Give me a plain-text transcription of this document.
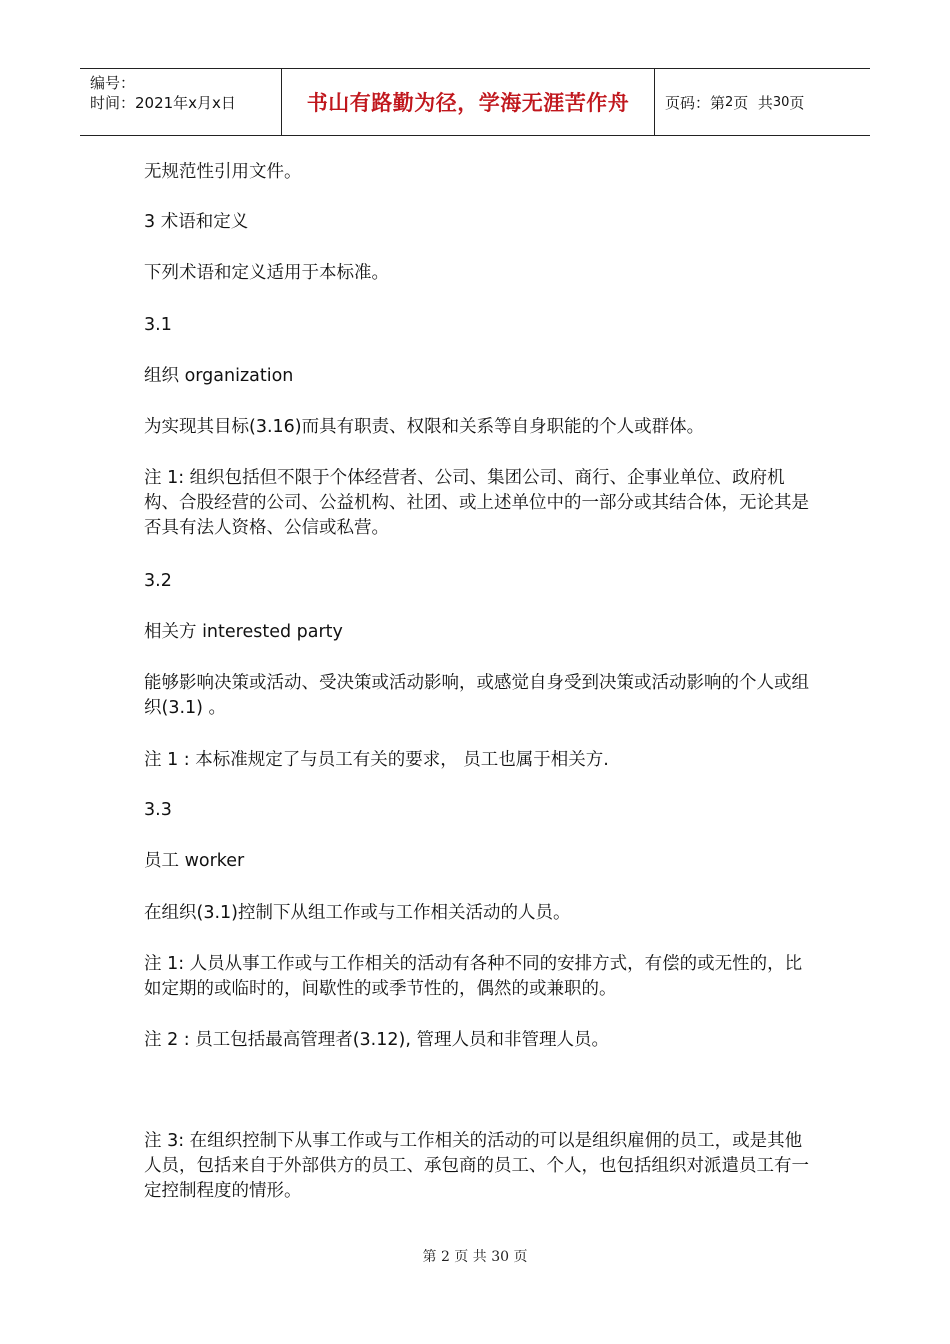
编号：
时间：2021年x月x日	书山有路勤为径，学海无涯苦作舟	页码：第 2 页  共 30 页

无规范性引用文件。

3 术语和定义

下列术语和定义适用于本标准。

3.1

组织 organization

为实现其目标(3.16)而具有职责、权限和关系等自身职能的个人或群体。

注 1: 组织包括但不限于个体经营者、公司、集团公司、商行、企事业单位、政府机构、合股经营的公司、公益机构、社团、或上述单位中的一部分或其结合体，无论其是否具有法人资格、公信或私营。

3.2

相关方 interested party

能够影响决策或活动、受决策或活动影响，或感觉自身受到决策或活动影响的个人或组织(3.1) 。

注 1 : 本标准规定了与员工有关的要求， 员工也属于相关方.

3.3

员工 worker

在组织(3.1)控制下从组工作或与工作相关活动的人员。

注 1: 人员从事工作或与工作相关的活动有各种不同的安排方式，有偿的或无性的，比如定期的或临时的，间歇性的或季节性的，偶然的或兼职的。

注 2 : 员工包括最高管理者(3.12), 管理人员和非管理人员。

注 3: 在组织控制下从事工作或与工作相关的活动的可以是组织雇佣的员工，或是其他人员，包括来自于外部供方的员工、承包商的员工、个人，也包括组织对派遣员工有一定控制程度的情形。

第 2 页 共 30 页
